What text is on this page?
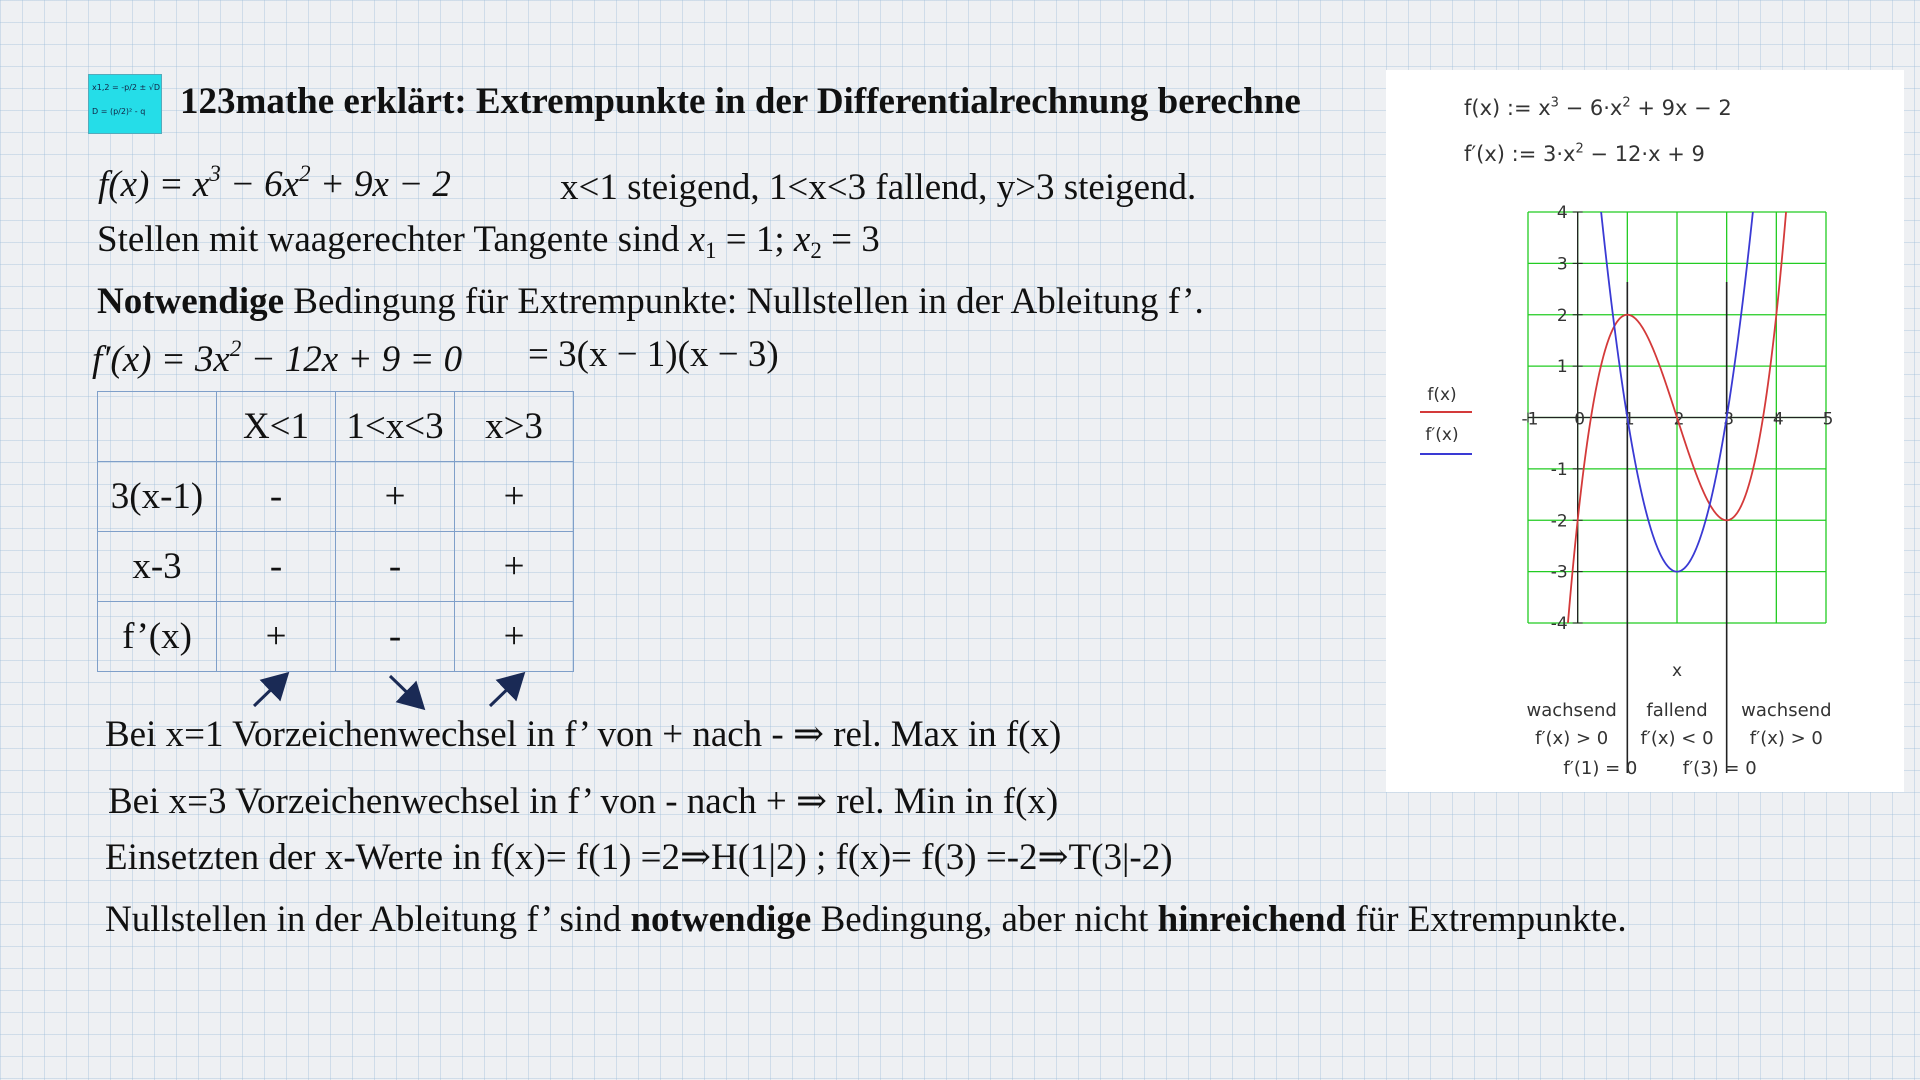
x1,2 = -p/2 ± √D
D = (p/2)² - q 123mathe erklärt: Extrempunkte in der Differentialrechnung berechne
$f(x) = x^3 - 6x^2 + 9x - 2$	x<1 steigend, 1<x<3 fallend, y>3 steigend.
Stellen mit waagerechter Tangente sind $x_1 = 1$; $x_2 = 3$
Notwendige Bedingung für Extrempunkte: Nullstellen in der Ableitung f’.
$f'(x) = 3x^2 - 12x + 9 = 0 = 3(x - 1)(x - 3)$
	X<1	1<x<3	x>3
3(x-1)	-	+	+
x-3	-	-	+
f’(x)	+	-	+
Bei x=1 Vorzeichenwechsel in f’ von + nach - ⇒ rel. Max in f(x)
Bei x=3 Vorzeichenwechsel in f’ von - nach + ⇒ rel. Min in f(x)
Einsetzten der x-Werte in f(x)= f(1) =2⇒H(1|2) ; f(x)= f(3) =-2⇒T(3|-2)
Nullstellen in der Ableitung f’ sind notwendige Bedingung, aber nicht hinreichend für Extrempunkte.
f(x) := $x^3 - 6\cdot x^2 + 9x - 2$
f′(x) := $3\cdot x^2 - 12\cdot x + 9$
-1 0 1 2 3 4 5
4
3
2
1
-1
-2
-3
-4
f(x)
f′(x)
x
wachsend
f′(x) > 0
fallend
f′(x) < 0
wachsend
f′(x) > 0
f′(1) = 0	f′(3) = 0
